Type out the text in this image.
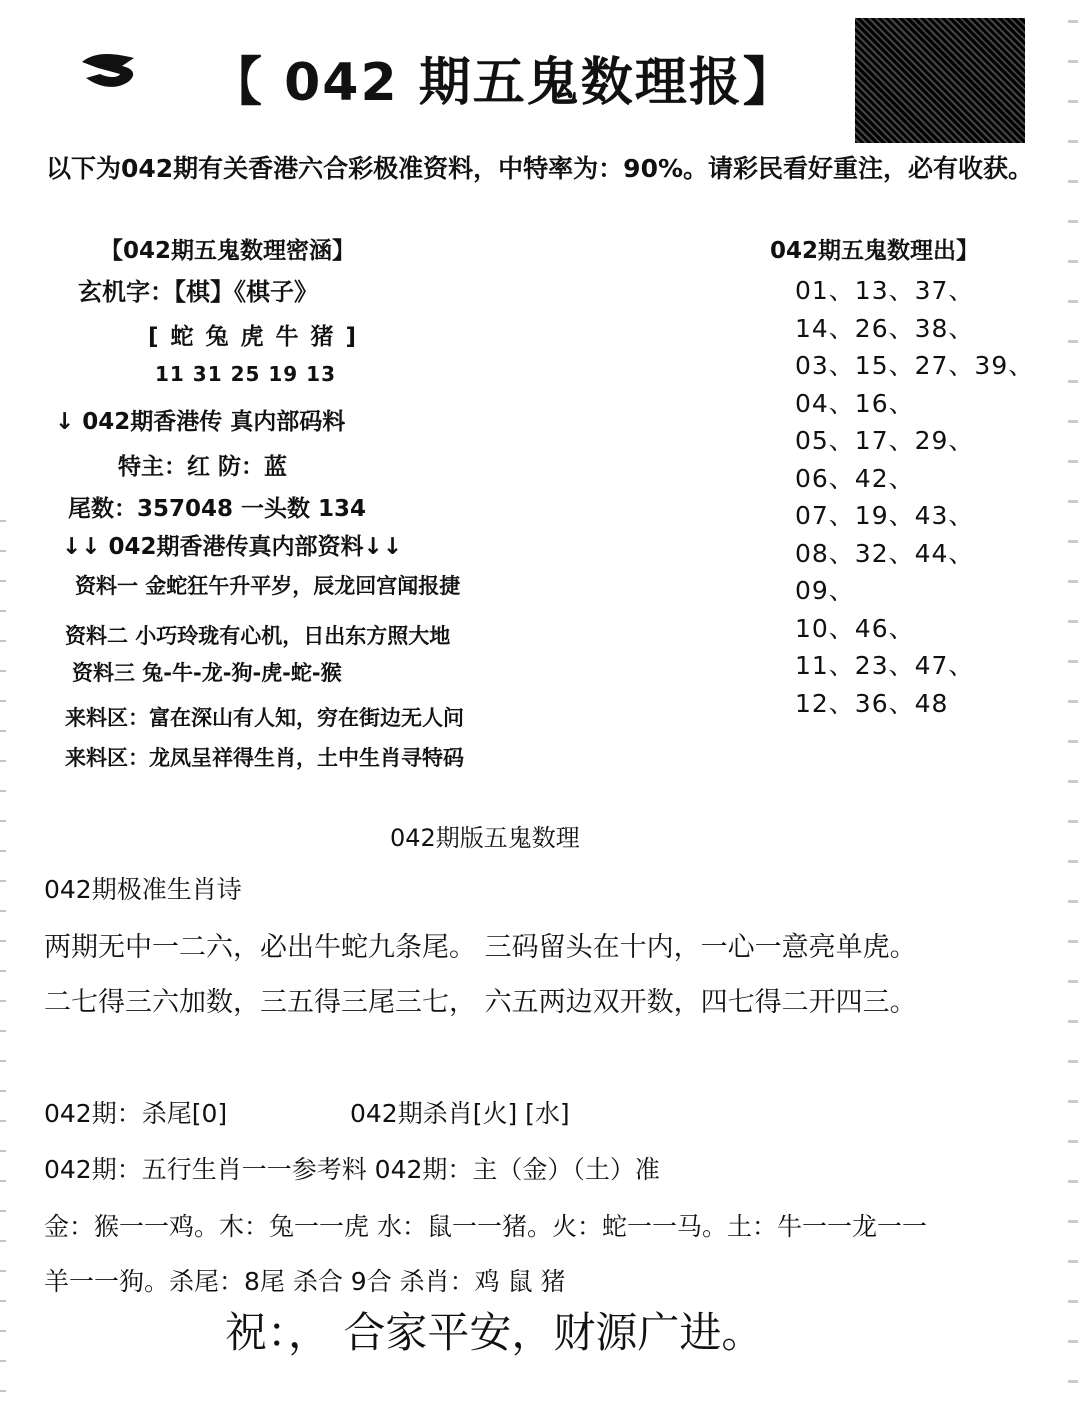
【 042 期五鬼数理报】
以下为042期有关香港六合彩极准资料，中特率为：90%。请彩民看好重注，必有收获。
【042期五鬼数理密涵】
玄机字：【棋】《棋子》
[ 蛇 兔 虎 牛 猪 ]
11 31 25 19 13
↓ 042期香港传 真内部码料
特主：红 防：蓝
尾数：357048 一头数 134
↓↓ 042期香港传真内部资料↓↓
资料一 金蛇狂午升平岁，辰龙回宫闻报捷
资料二 小巧玲珑有心机，日出东方照大地
资料三 兔-牛-龙-狗-虎-蛇-猴
来料区：富在深山有人知，穷在街边无人问
来料区：龙凤呈祥得生肖，土中生肖寻特码
042期五鬼数理出】
01、13、37、
14、26、38、
03、15、27、39、
04、16、
05、17、29、
06、42、
07、19、43、
08、32、44、
09、
10、46、
11、23、47、
12、36、48
042期版五鬼数理
042期极准生肖诗
两期无中一二六，必出牛蛇九条尾。 三码留头在十内，一心一意亮单虎。
二七得三六加数，三五得三尾三七， 六五两边双开数，四七得二开四三。
042期：杀尾[0]	042期杀肖[火] [水]
042期：五行生肖一一参考料 042期：主（金）（土）准
金：猴一一鸡。木：兔一一虎 水：鼠一一猪。火：蛇一一马。土：牛一一龙一一
羊一一狗。杀尾：8尾 杀合 9合 杀肖：鸡 鼠 猪
祝：， 合家平安，财源广进。
